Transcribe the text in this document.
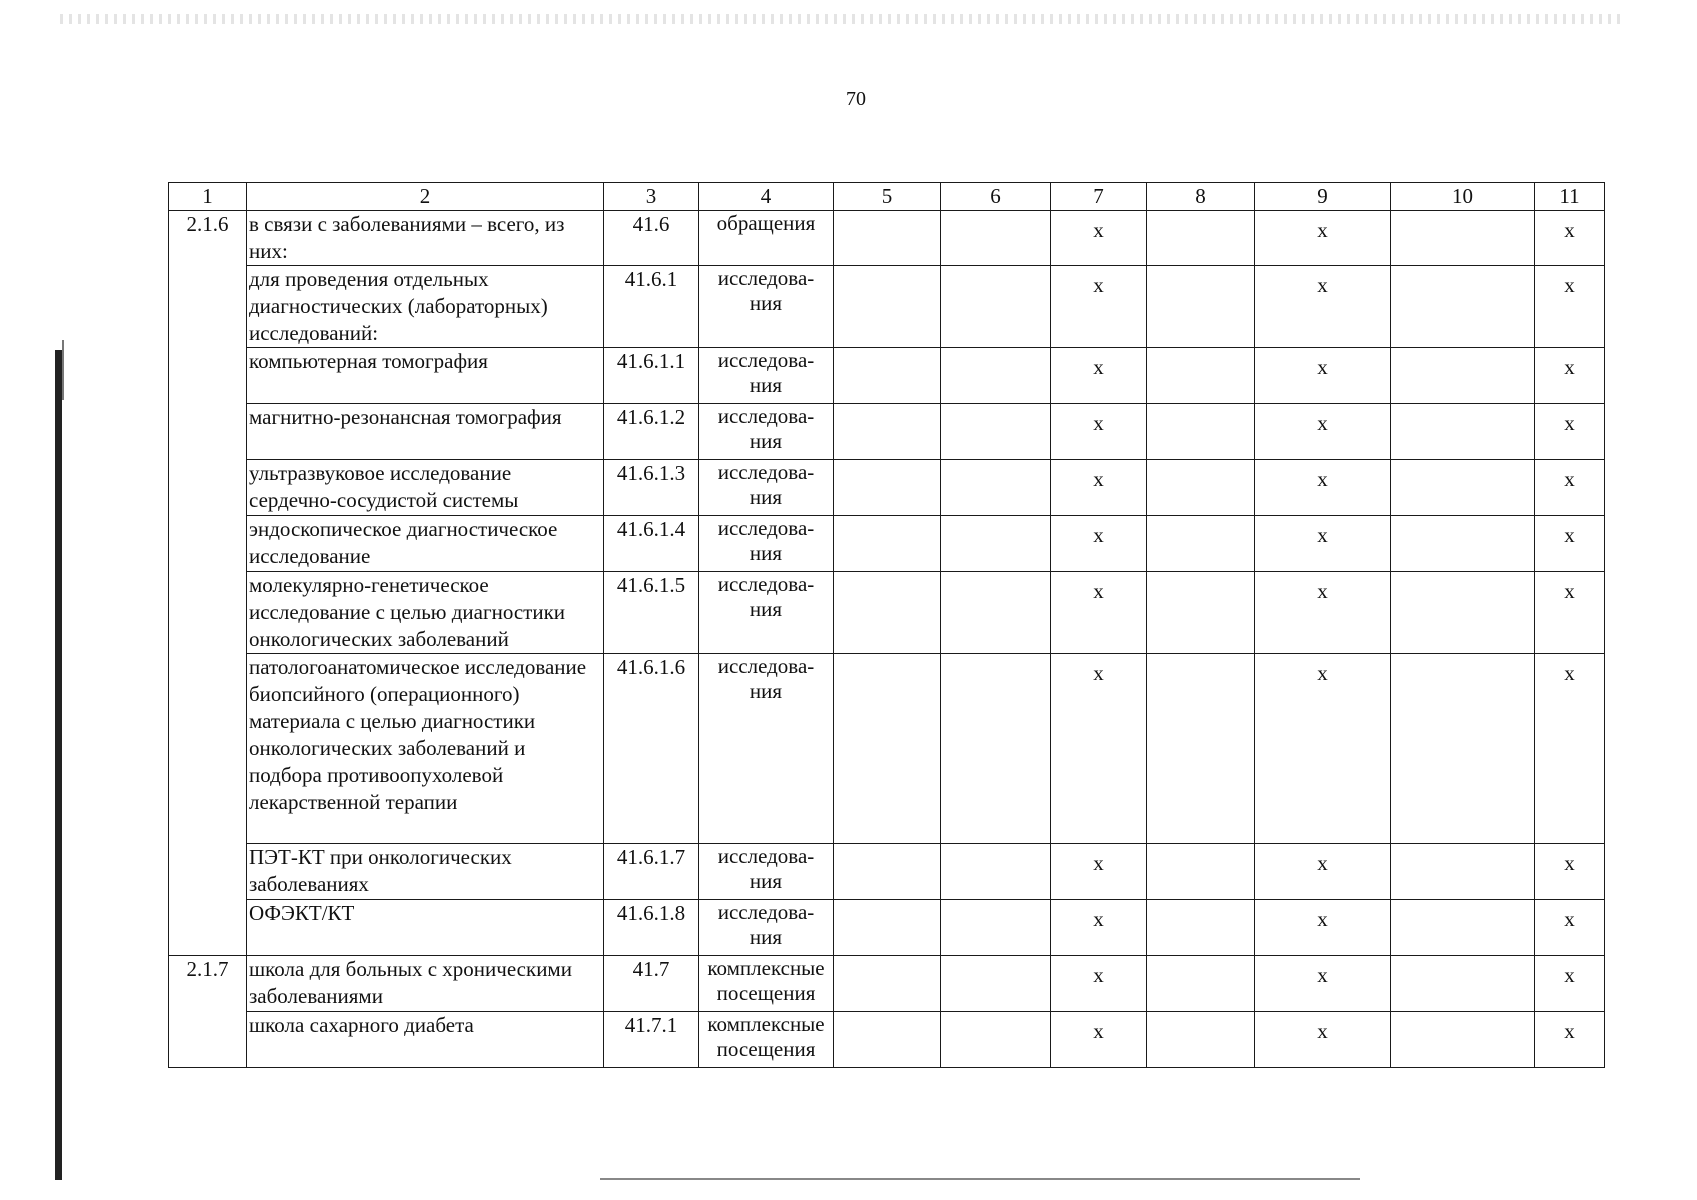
70
1	2	3	4	5	6	7	8	9	10	11
2.1.6	в связи с заболеваниями – всего, из них:	41.6	обращения			х		х		х
	для проведения отдельных диагностических (лабораторных) исследований:	41.6.1	исследова-ния			х		х		х
	компьютерная томография	41.6.1.1	исследова-ния			х		х		х
	магнитно-резонансная томография	41.6.1.2	исследова-ния			х		х		х
	ультразвуковое исследование сердечно-сосудистой системы	41.6.1.3	исследова-ния			х		х		х
	эндоскопическое диагностическое исследование	41.6.1.4	исследова-ния			х		х		х
	молекулярно-генетическое исследование с целью диагностики онкологических заболеваний	41.6.1.5	исследова-ния			х		х		х
	патологоанатомическое исследование биопсийного (операционного) материала с целью диагностики онкологических заболеваний и подбора противоопухолевой лекарственной терапии	41.6.1.6	исследова-ния			х		х		х
	ПЭТ-КТ при онкологических заболеваниях	41.6.1.7	исследова-ния			х		х		х
	ОФЭКТ/КТ	41.6.1.8	исследова-ния			х		х		х
2.1.7	школа для больных с хроническими заболеваниями	41.7	комплексные посещения			х		х		х
	школа сахарного диабета	41.7.1	комплексные посещения			х		х		х
